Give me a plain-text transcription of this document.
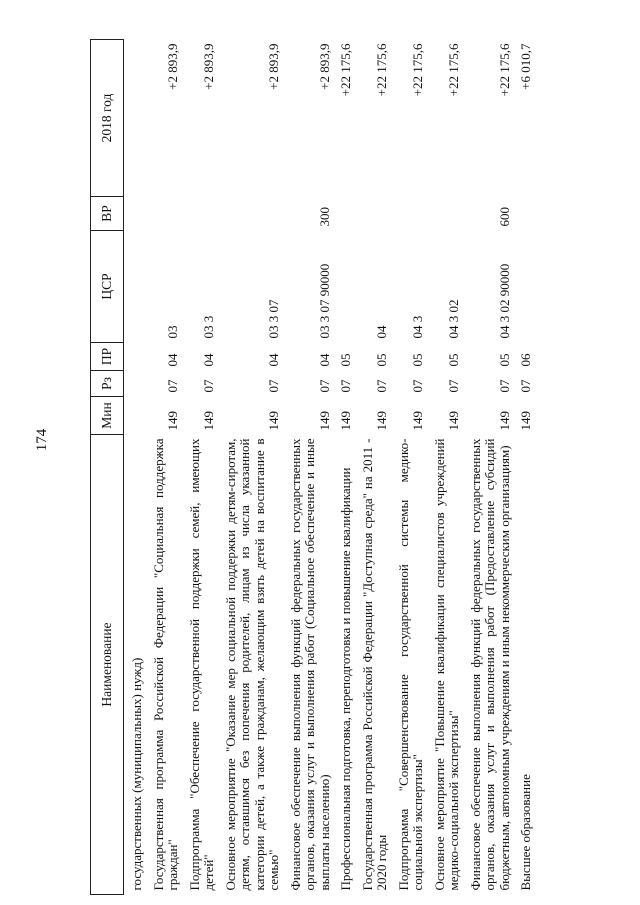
174
Наименование	Мин	Рз	ПР	ЦСР	ВР	2018 год
государственных (муниципальных) нужд)						
Государственная программа Российской Федерации "Социальная поддержка граждан"	149	07	04	03		+2 893,9
Подпрограмма "Обеспечение государственной поддержки семей, имеющих детей"	149	07	04	03 3		+2 893,9
Основное мероприятие "Оказание мер социальной поддержки детям-сиротам, детям, оставшимся без попечения родителей, лицам из числа указанной категории детей, а также гражданам, желающим взять детей на воспитание в семью"	149	07	04	03 3 07		+2 893,9
Финансовое обеспечение выполнения функций федеральных государственных органов, оказания услуг и выполнения работ (Социальное обеспечение и иные выплаты населению)	149	07	04	03 3 07 90000	300	+2 893,9
Профессиональная подготовка, переподготовка и повышение квалификации	149	07	05			+22 175,6
Государственная программа Российской Федерации "Доступная среда" на 2011 - 2020 годы	149	07	05	04		+22 175,6
Подпрограмма "Совершенствование государственной системы медико-социальной экспертизы"	149	07	05	04 3		+22 175,6
Основное мероприятие "Повышение квалификации специалистов учреждений медико-социальной экспертизы"	149	07	05	04 3 02		+22 175,6
Финансовое обеспечение выполнения функций федеральных государственных органов, оказания услуг и выполнения работ (Предоставление субсидий бюджетным, автономным учреждениям и иным некоммерческим организациям)	149	07	05	04 3 02 90000	600	+22 175,6
Высшее образование	149	07	06			+6 010,7
